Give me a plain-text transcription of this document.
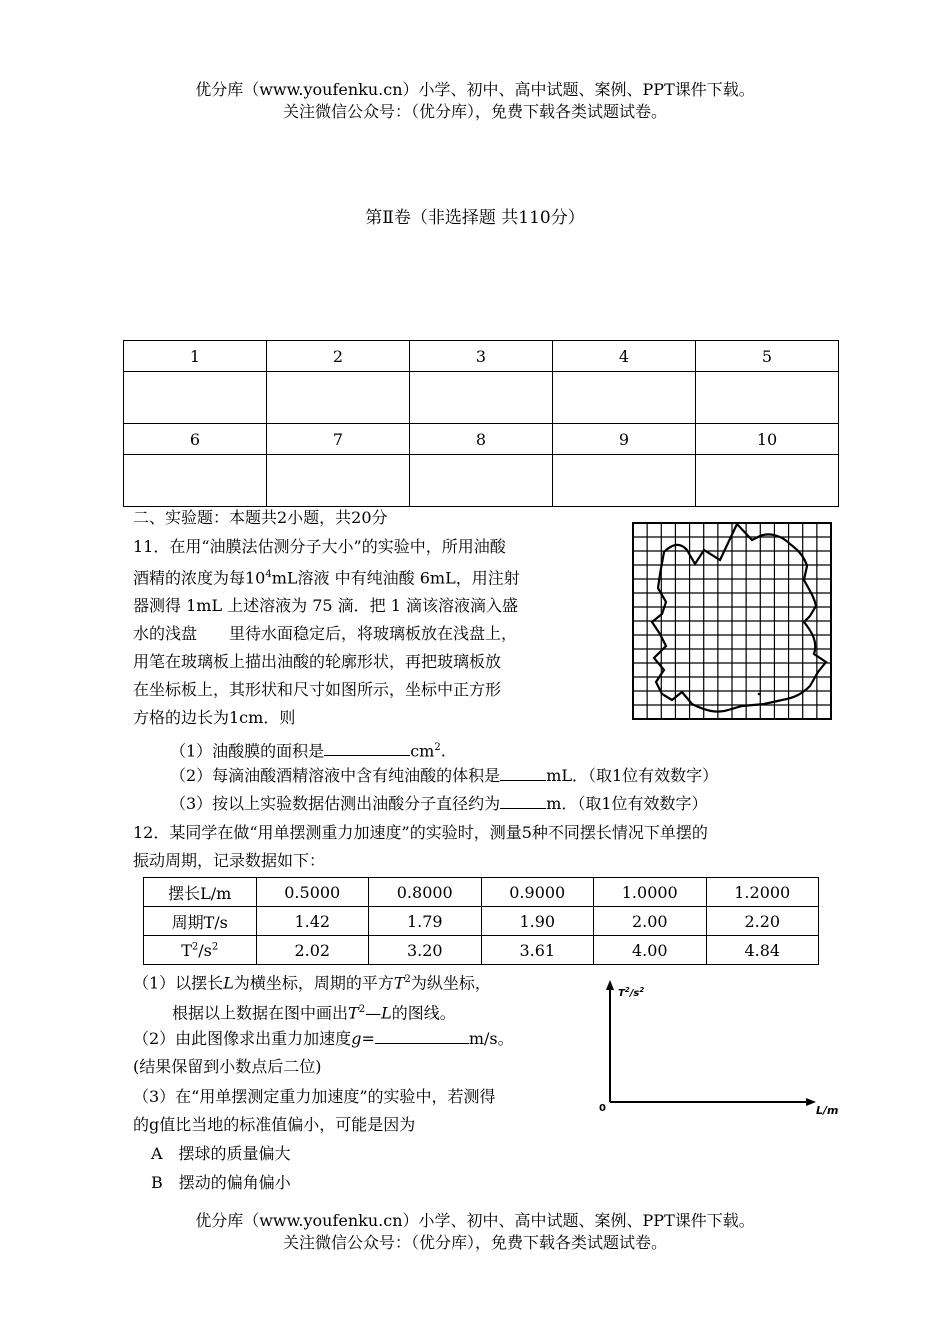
优分库（www.youfenku.cn）小学、初中、高中试题、案例、PPT课件下载。
关注微信公众号：（优分库），免费下载各类试题试卷。
第Ⅱ卷（非选择题 共110分）
1	2	3	4	5

6	7	8	9	10

二、实验题：本题共2小题，共20分
11．在用“油膜法估测分子大小”的实验中，所用油酸
酒精的浓度为每$10^4mL$溶液 中有纯油酸 6mL，用注射
器测得 1mL 上述溶液为 75 滴．把 1 滴该溶液滴入盛
水的浅盘　　里待水面稳定后，将玻璃板放在浅盘上，
用笔在玻璃板上描出油酸的轮廓形状，再把玻璃板放
在坐标板上，其形状和尺寸如图所示，坐标中正方形
方格的边长为1cm．则
（1）油酸膜的面积是	$cm^2$.
（2）每滴油酸酒精溶液中含有纯油酸的体积是	mL．（取1位有效数字）
（3）按以上实验数据估测出油酸分子直径约为	m．（取1位有效数字）
12．某同学在做“用单摆测重力加速度”的实验时，测量5种不同摆长情况下单摆的
振动周期，记录数据如下：
摆长L/m	0.5000	0.8000	0.9000	1.0000	1.2000
周期T/s	1.42	1.79	1.90	2.00	2.20
$T^2/s^2$	2.02	3.20	3.61	4.00	4.84
（1）以摆长L为横坐标，周期的平方$T^2$为纵坐标，
根据以上数据在图中画出$T^2—L$的图线。
（2）由此图像求出重力加速度g=	m/s。
(结果保留到小数点后二位)
（3）在“用单摆测定重力加速度”的实验中，若测得
的g值比当地的标准值偏小，可能是因为
A　摆球的质量偏大
B　摆动的偏角偏小
$T^2/s^2$
0	L/m
优分库（www.youfenku.cn）小学、初中、高中试题、案例、PPT课件下载。
关注微信公众号：（优分库），免费下载各类试题试卷。
